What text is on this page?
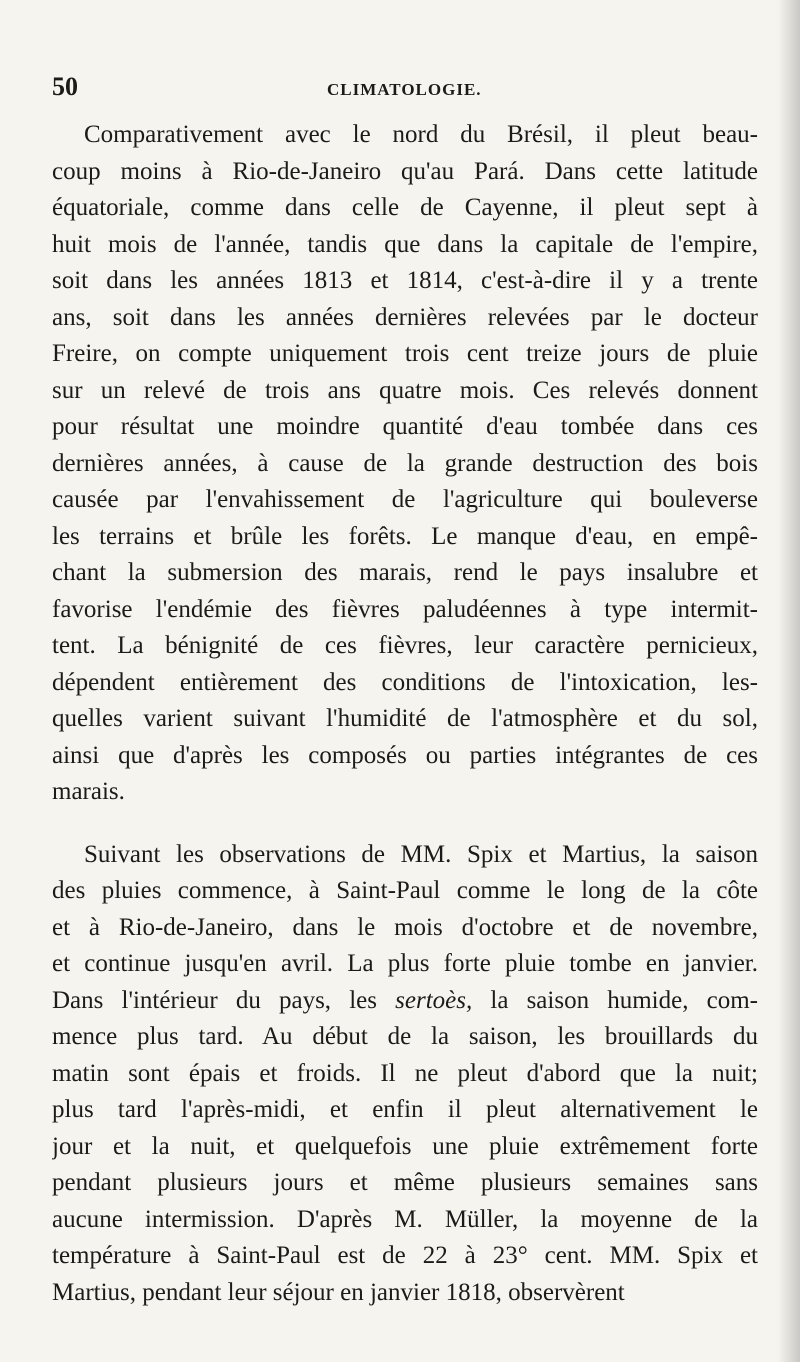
50	CLIMATOLOGIE.
Comparativement avec le nord du Brésil, il pleut beau-
coup moins à Rio-de-Janeiro qu'au Pará. Dans cette latitude
équatoriale, comme dans celle de Cayenne, il pleut sept à
huit mois de l'année, tandis que dans la capitale de l'empire,
soit dans les années 1813 et 1814, c'est-à-dire il y a trente
ans, soit dans les années dernières relevées par le docteur
Freire, on compte uniquement trois cent treize jours de pluie
sur un relevé de trois ans quatre mois. Ces relevés donnent
pour résultat une moindre quantité d'eau tombée dans ces
dernières années, à cause de la grande destruction des bois
causée par l'envahissement de l'agriculture qui bouleverse
les terrains et brûle les forêts. Le manque d'eau, en empê-
chant la submersion des marais, rend le pays insalubre et
favorise l'endémie des fièvres paludéennes à type intermit-
tent. La bénignité de ces fièvres, leur caractère pernicieux,
dépendent entièrement des conditions de l'intoxication, les-
quelles varient suivant l'humidité de l'atmosphère et du sol,
ainsi que d'après les composés ou parties intégrantes de ces
marais.
Suivant les observations de MM. Spix et Martius, la saison
des pluies commence, à Saint-Paul comme le long de la côte
et à Rio-de-Janeiro, dans le mois d'octobre et de novembre,
et continue jusqu'en avril. La plus forte pluie tombe en janvier.
Dans l'intérieur du pays, les sertoès, la saison humide, com-
mence plus tard. Au début de la saison, les brouillards du
matin sont épais et froids. Il ne pleut d'abord que la nuit;
plus tard l'après-midi, et enfin il pleut alternativement le
jour et la nuit, et quelquefois une pluie extrêmement forte
pendant plusieurs jours et même plusieurs semaines sans
aucune intermission. D'après M. Müller, la moyenne de la
température à Saint-Paul est de 22 à 23° cent. MM. Spix et
Martius, pendant leur séjour en janvier 1818, observèrent
